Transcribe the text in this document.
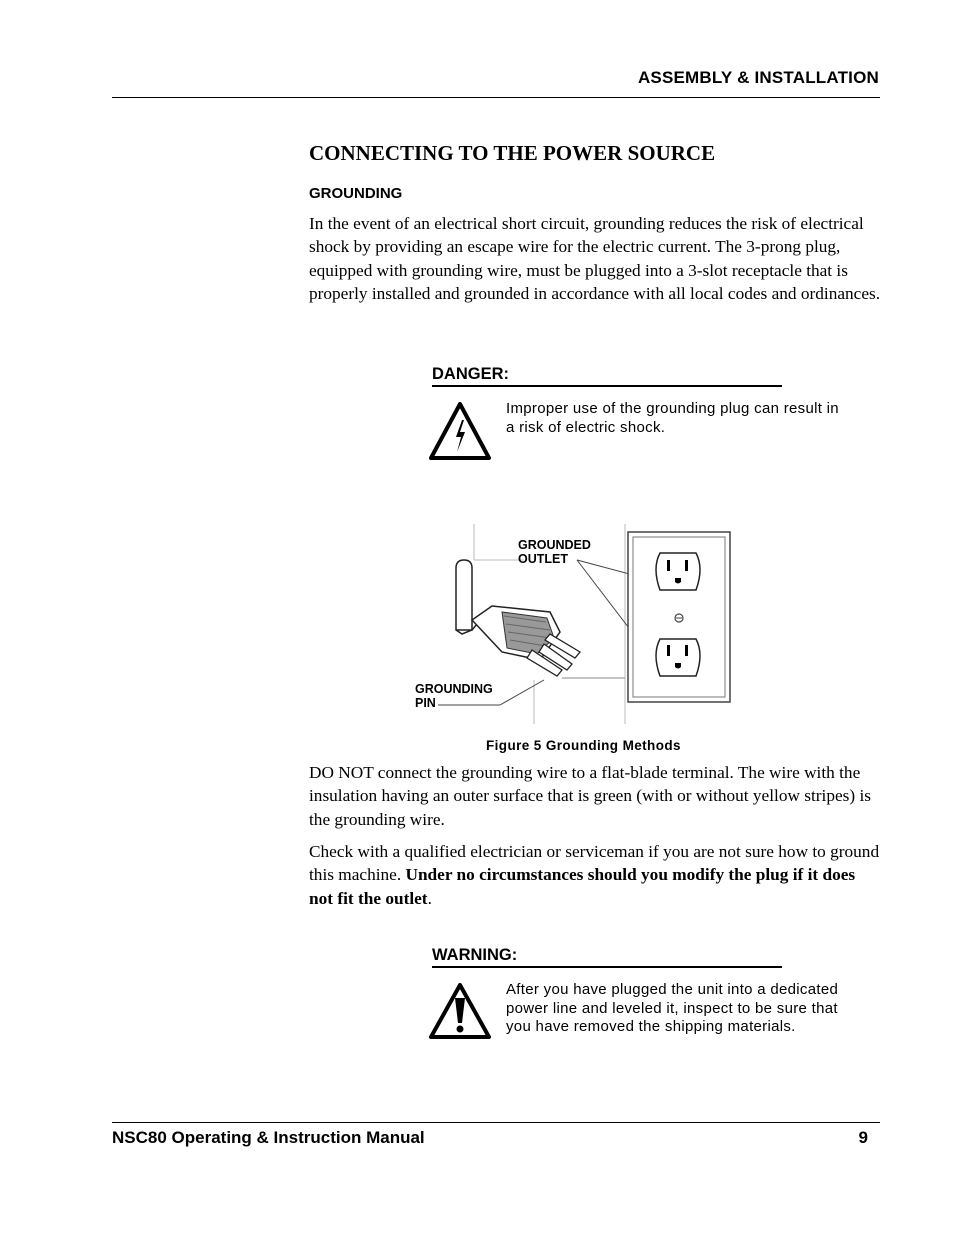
ASSEMBLY & INSTALLATION
CONNECTING TO THE POWER SOURCE
GROUNDING
In the event of an electrical short circuit, grounding reduces the risk of electrical shock by providing an escape wire for the electric current. The 3-prong plug, equipped with grounding wire, must be plugged into a 3-slot receptacle that is properly installed and grounded in accordance with all local codes and ordinances.
DANGER:
Improper use of the grounding plug can result in a risk of electric shock.
GROUNDED
OUTLET
GROUNDING
PIN
Figure 5 Grounding Methods
DO NOT connect the grounding wire to a flat-blade terminal. The wire with the insulation having an outer surface that is green (with or without yellow stripes) is the grounding wire.
Check with a qualified electrician or serviceman if you are not sure how to ground this machine. Under no circumstances should you modify the plug if it does not fit the outlet.
WARNING:
After you have plugged the unit into a dedicated power line and leveled it, inspect to be sure that you have removed the shipping materials.
NSC80 Operating & Instruction Manual	9
